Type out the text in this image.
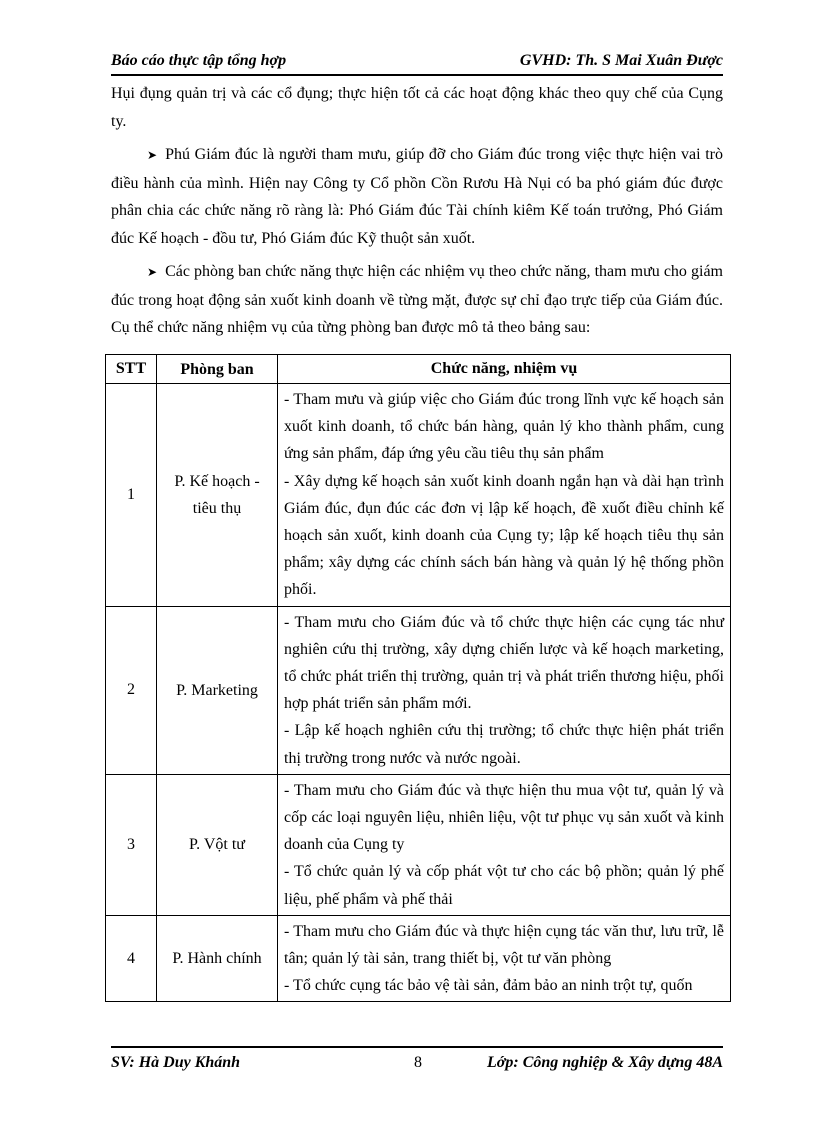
Báo cáo thực tập tổng hợp	GVHD: Th. S Mai Xuân Được

Hụi đụng quản trị và các cổ đụng; thực hiện tốt cả các hoạt động khác theo quy chế của Cụng ty.

➤ Phú Giám đúc là người tham mưu, giúp đỡ cho Giám đúc trong việc thực hiện vai trò điều hành của mình. Hiện nay Công ty Cổ phồn Cồn Rươu Hà Nụi có ba phó giám đúc được phân chia các chức năng rõ ràng là: Phó Giám đúc Tài chính kiêm Kế toán trưởng, Phó Giám đúc Kế hoạch - đồu tư, Phó Giám đúc Kỹ thuột sản xuốt.

➤ Các phòng ban chức năng thực hiện các nhiệm vụ theo chức năng, tham mưu cho giám đúc trong hoạt động sản xuốt kinh doanh về từng mặt, được sự chỉ đạo trực tiếp của Giám đúc. Cụ thể chức năng nhiệm vụ của từng phòng ban được mô tả theo bảng sau:

STT	Phòng ban	Chức năng, nhiệm vụ
1	P. Kế hoạch - tiêu thụ	- Tham mưu và giúp việc cho Giám đúc trong lĩnh vực kế hoạch sản xuốt kinh doanh, tổ chức bán hàng, quản lý kho thành phẩm, cung ứng sản phẩm, đáp ứng yêu cầu tiêu thụ sản phẩm
- Xây dựng kế hoạch sản xuốt kinh doanh ngắn hạn và dài hạn trình Giám đúc, đụn đúc các đơn vị lập kế hoạch, đề xuốt điều chỉnh kế hoạch sản xuốt, kinh doanh của Cụng ty; lập kế hoạch tiêu thụ sản phẩm; xây dựng các chính sách bán hàng và quản lý hệ thống phồn phối.

2	P. Marketing	- Tham mưu cho Giám đúc và tổ chức thực hiện các cụng tác như nghiên cứu thị trường, xây dựng chiến lược và kế hoạch marketing, tổ chức phát triển thị trường, quản trị và phát triển thương hiệu, phối hợp phát triển sản phẩm mới.
- Lập kế hoạch nghiên cứu thị trường; tổ chức thực hiện phát triển thị trường trong nước và nước ngoài.

3	P. Vột tư	- Tham mưu cho Giám đúc và thực hiện thu mua vột tư, quản lý và cốp các loại nguyên liệu, nhiên liệu, vột tư phục vụ sản xuốt và kinh doanh của Cụng ty
- Tổ chức quản lý và cốp phát vột tư cho các bộ phồn; quản lý phế liệu, phế phẩm và phế thải

4	P. Hành chính	- Tham mưu cho Giám đúc và thực hiện cụng tác văn thư, lưu trữ, lễ tân; quản lý tài sản, trang thiết bị, vột tư văn phòng
- Tổ chức cụng tác bảo vệ tài sản, đảm bảo an ninh trột tự, quốn
SV: Hà Duy Khánh	8	Lớp: Công nghiệp & Xây dựng 48A
